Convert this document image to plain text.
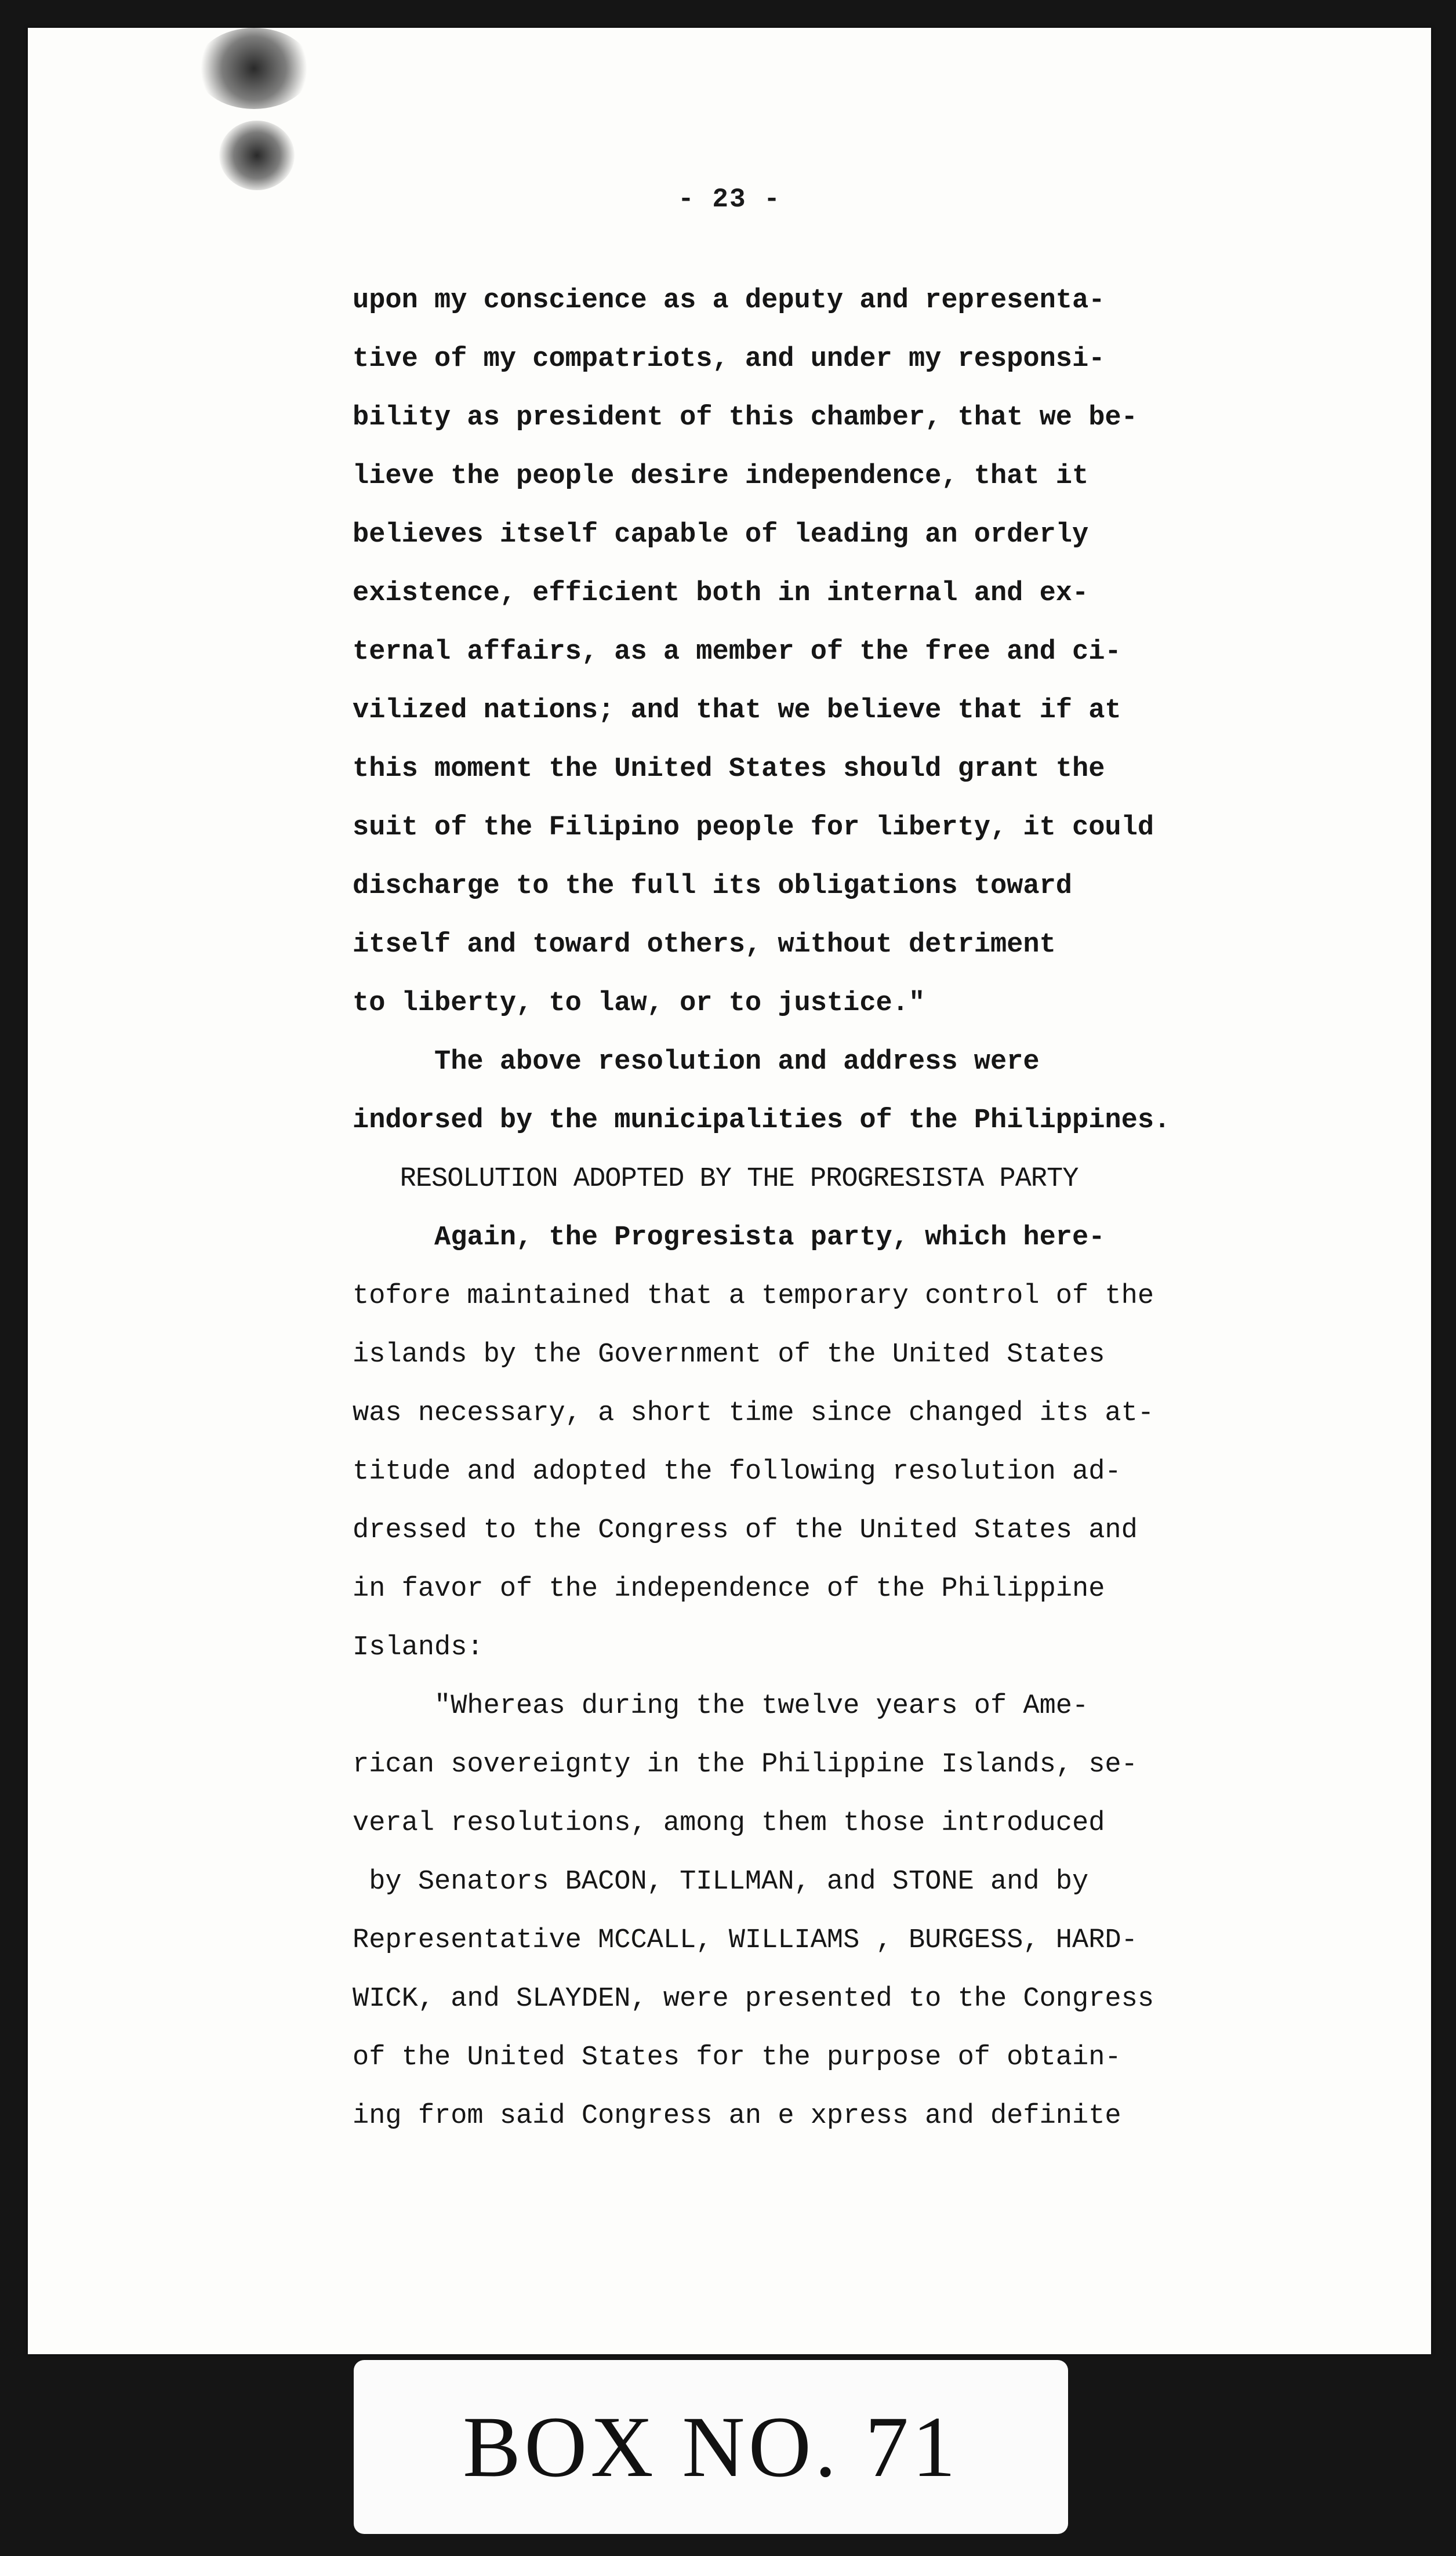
- 23 -
upon my conscience as a deputy and representa-
tive of my compatriots, and under my responsi-
bility as president of this chamber, that we be-
lieve the people desire independence, that it
believes itself capable of leading an orderly
existence, efficient both in internal and ex-
ternal affairs, as a member of the free and ci-
vilized nations; and that we believe that if at
this moment the United States should grant the
suit of the Filipino people for liberty, it could
discharge to the full its obligations toward
itself and toward others, without detriment
to liberty, to law, or to justice."
The above resolution and address were
indorsed by the municipalities of the Philippines.
RESOLUTION ADOPTED BY THE PROGRESISTA PARTY
Again, the Progresista party, which here-
tofore maintained that a temporary control of the
islands by the Government of the United States
was necessary, a short time since changed its at-
titude and adopted the following resolution ad-
dressed to the Congress of the United States and
in favor of the independence of the Philippine
Islands:
"Whereas during the twelve years of Ame-
rican sovereignty in the Philippine Islands, se-
veral resolutions, among them those introduced
by Senators BACON, TILLMAN, and STONE and by
Representative MCCALL, WILLIAMS , BURGESS, HARD-
WICK, and SLAYDEN, were presented to the Congress
of the United States for the purpose of obtain-
ing from said Congress an e xpress and definite
BOX NO. 71
